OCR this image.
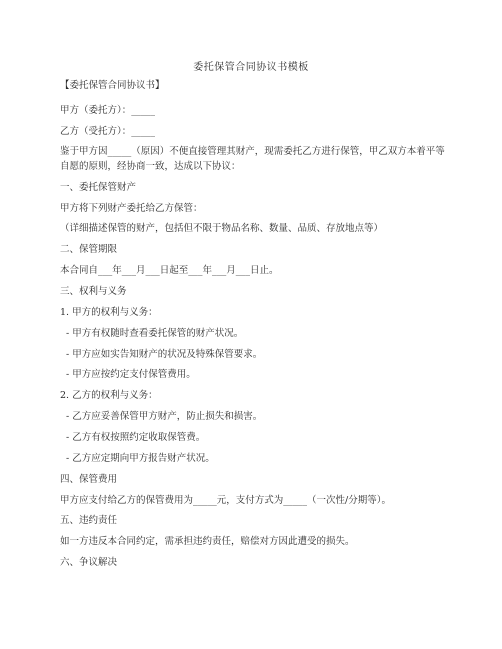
委托保管合同协议书模板
【委托保管合同协议书】
甲方（委托方）：_____
乙方（受托方）：_____
鉴于甲方因_____（原因）不便直接管理其财产，现需委托乙方进行保管，甲乙双方本着平等自愿的原则，经协商一致，达成以下协议：
一、委托保管财产
甲方将下列财产委托给乙方保管：
（详细描述保管的财产，包括但不限于物品名称、数量、品质、存放地点等）
二、保管期限
本合同自___年___月___日起至___年___月___日止。
三、权利与义务
1. 甲方的权利与义务：
- 甲方有权随时查看委托保管的财产状况。
- 甲方应如实告知财产的状况及特殊保管要求。
- 甲方应按约定支付保管费用。
2. 乙方的权利与义务：
- 乙方应妥善保管甲方财产，防止损失和损害。
- 乙方有权按照约定收取保管费。
- 乙方应定期向甲方报告财产状况。
四、保管费用
甲方应支付给乙方的保管费用为_____元，支付方式为_____（一次性/分期等）。
五、违约责任
如一方违反本合同约定，需承担违约责任，赔偿对方因此遭受的损失。
六、争议解决
